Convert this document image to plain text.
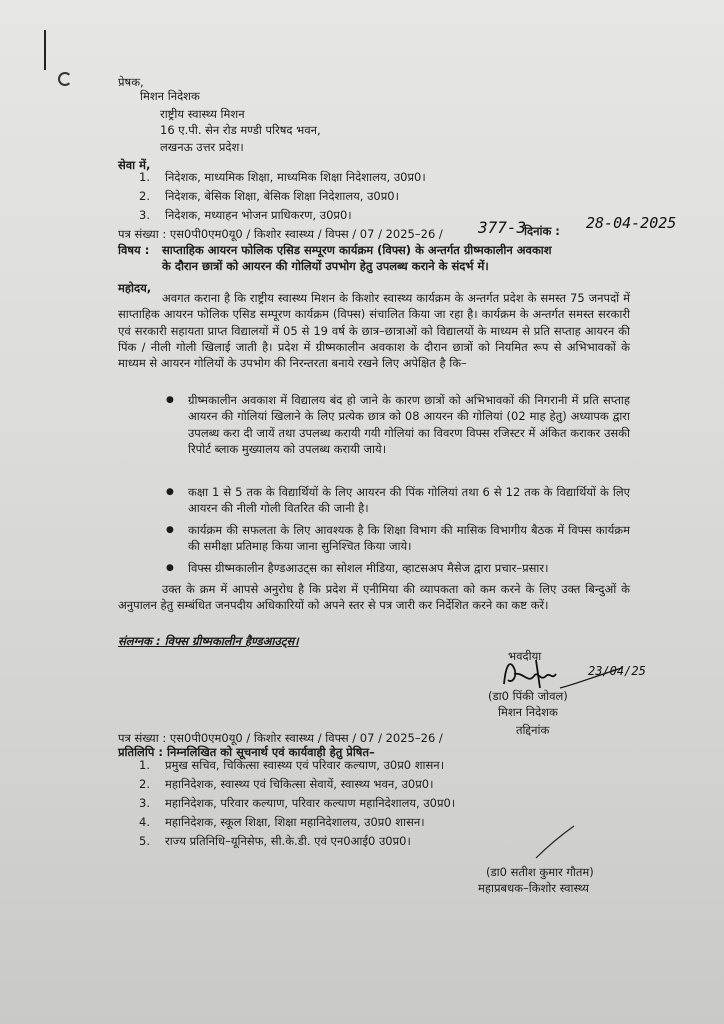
प्रेषक,
मिशन निदेशक
राष्ट्रीय स्वास्थ्य मिशन
16 ए.पी. सेन रोड मण्डी परिषद भवन,
लखनऊ उत्तर प्रदेश।
सेवा में,
1. निदेशक, माध्यमिक शिक्षा, माध्यमिक शिक्षा निदेशालय, उ0प्र0।
2. निदेशक, बेसिक शिक्षा, बेसिक शिक्षा निदेशालय, उ0प्र0।
3. निदेशक, मध्याहन भोजन प्राधिकरण, उ0प्र0।
पत्र संख्या : एस0पी0एम0यू0 / किशोर स्वास्थ्य / विफ्स / 07 / 2025–26 / 377-3
दिनांक : 28-04-2025
विषय : साप्ताहिक आयरन फोलिक एसिड सम्पूरण कार्यक्रम (विफ्स) के अन्तर्गत ग्रीष्मकालीन अवकाश
के दौरान छात्रों को आयरन की गोलियों उपभोग हेतु उपलब्ध कराने के संदर्भ में।
महोदय,
अवगत कराना है कि राष्ट्रीय स्वास्थ्य मिशन के किशोर स्वास्थ्य कार्यक्रम के अन्तर्गत प्रदेश के समस्त 75 जनपदों में साप्ताहिक आयरन फोलिक एसिड सम्पूरण कार्यक्रम (विफ्स) संचालित किया जा रहा है। कार्यक्रम के अन्तर्गत समस्त सरकारी एवं सरकारी सहायता प्राप्त विद्यालयों में 05 से 19 वर्ष के छात्र–छात्राओं को विद्यालयों के माध्यम से प्रति सप्ताह आयरन की पिंक / नीली गोली खिलाई जाती है। प्रदेश में ग्रीष्मकालीन अवकाश के दौरान छात्रों को नियमित रूप से अभिभावकों के माध्यम से आयरन गोलियों के उपभोग की निरन्तरता बनाये रखने लिए अपेक्षित है कि–
● ग्रीष्मकालीन अवकाश में विद्यालय बंद हो जाने के कारण छात्रों को अभिभावकों की निगरानी में प्रति सप्ताह आयरन की गोलियां खिलाने के लिए प्रत्येक छात्र को 08 आयरन की गोलियां (02 माह हेतु) अध्यापक द्वारा उपलब्ध करा दी जायें तथा उपलब्ध करायी गयी गोलियां का विवरण विफ्स रजिस्टर में अंकित कराकर उसकी रिपोर्ट ब्लाक मुख्यालय को उपलब्ध करायी जाये।
● कक्षा 1 से 5 तक के विद्यार्थियों के लिए आयरन की पिंक गोलियां तथा 6 से 12 तक के विद्यार्थियों के लिए आयरन की नीली गोली वितरित की जानी है।
● कार्यक्रम की सफलता के लिए आवश्यक है कि शिक्षा विभाग की मासिक विभागीय बैठक में विफ्स कार्यक्रम की समीक्षा प्रतिमाह किया जाना सुनिश्चित किया जाये।
● विफ्स ग्रीष्मकालीन हैण्डआउट्स का सोशल मीडिया, व्हाटसअप मैसेज द्वारा प्रचार–प्रसार।
उक्त के क्रम में आपसे अनुरोध है कि प्रदेश में एनीमिया की व्यापकता को कम करने के लिए उक्त बिन्दुओं के अनुपालन हेतु सम्बंधित जनपदीय अधिकारियों को अपने स्तर से पत्र जारी कर निर्देशित करने का कष्ट करें।
संलग्नक : विफ्स ग्रीष्मकालीन हैण्डआउट्स।
भवदीया
23/04/25
(डा0 पिंकी जोवल)
मिशन निदेशक
तद्दिनांक
पत्र संख्या : एस0पी0एम0यू0 / किशोर स्वास्थ्य / विफ्स / 07 / 2025–26 /
प्रतिलिपि : निम्नलिखित को सूचनार्थ एवं कार्यवाही हेतु प्रेषित–
1. प्रमुख सचिव, चिकित्सा स्वास्थ्य एवं परिवार कल्याण, उ0प्र0 शासन।
2. महानिदेशक, स्वास्थ्य एवं चिकित्सा सेवायें, स्वास्थ्य भवन, उ0प्र0।
3. महानिदेशक, परिवार कल्याण, परिवार कल्याण महानिदेशालय, उ0प्र0।
4. महानिदेशक, स्कूल शिक्षा, शिक्षा महानिदेशालय, उ0प्र0 शासन।
5. राज्य प्रतिनिधि–यूनिसेफ, सी.के.डी. एवं एन0आई0 उ0प्र0।
(डा0 सतीश कुमार गौतम)
महाप्रबधक–किशोर स्वास्थ्य
